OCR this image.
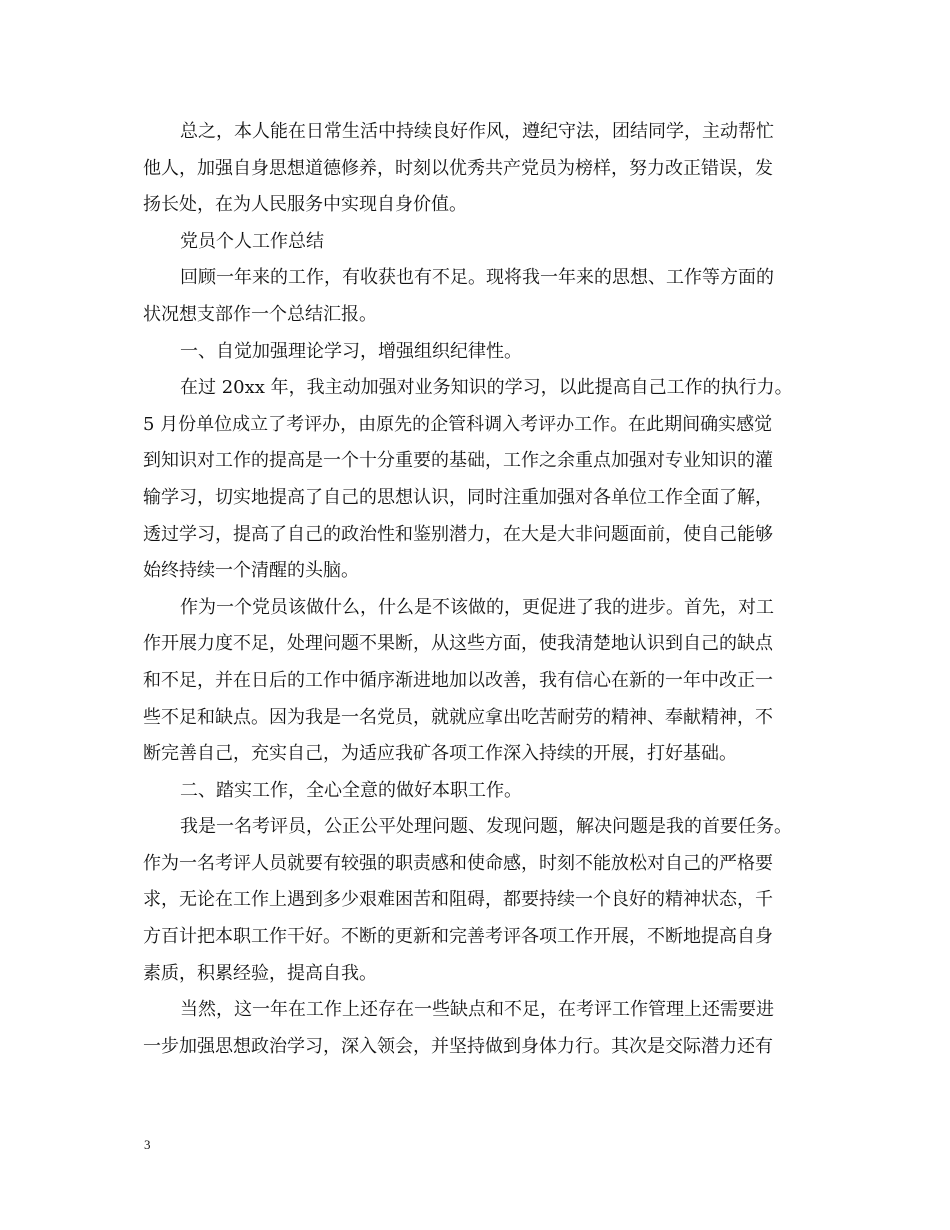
总之，本人能在日常生活中持续良好作风，遵纪守法，团结同学，主动帮忙
他人，加强自身思想道德修养，时刻以优秀共产党员为榜样，努力改正错误，发
扬长处，在为人民服务中实现自身价值。
党员个人工作总结
回顾一年来的工作，有收获也有不足。现将我一年来的思想、工作等方面的
状况想支部作一个总结汇报。
一、自觉加强理论学习，增强组织纪律性。
在过 20xx 年，我主动加强对业务知识的学习，以此提高自己工作的执行力。
5 月份单位成立了考评办，由原先的企管科调入考评办工作。在此期间确实感觉
到知识对工作的提高是一个十分重要的基础，工作之余重点加强对专业知识的灌
输学习，切实地提高了自己的思想认识，同时注重加强对各单位工作全面了解，
透过学习，提高了自己的政治性和鉴别潜力，在大是大非问题面前，使自己能够
始终持续一个清醒的头脑。
作为一个党员该做什么，什么是不该做的，更促进了我的进步。首先，对工
作开展力度不足，处理问题不果断，从这些方面，使我清楚地认识到自己的缺点
和不足，并在日后的工作中循序渐进地加以改善，我有信心在新的一年中改正一
些不足和缺点。因为我是一名党员，就就应拿出吃苦耐劳的精神、奉献精神，不
断完善自己，充实自己，为适应我矿各项工作深入持续的开展，打好基础。
二、踏实工作，全心全意的做好本职工作。
我是一名考评员，公正公平处理问题、发现问题，解决问题是我的首要任务。
作为一名考评人员就要有较强的职责感和使命感，时刻不能放松对自己的严格要
求，无论在工作上遇到多少艰难困苦和阻碍，都要持续一个良好的精神状态，千
方百计把本职工作干好。不断的更新和完善考评各项工作开展，不断地提高自身
素质，积累经验，提高自我。
当然，这一年在工作上还存在一些缺点和不足，在考评工作管理上还需要进
一步加强思想政治学习，深入领会，并坚持做到身体力行。其次是交际潜力还有
3
